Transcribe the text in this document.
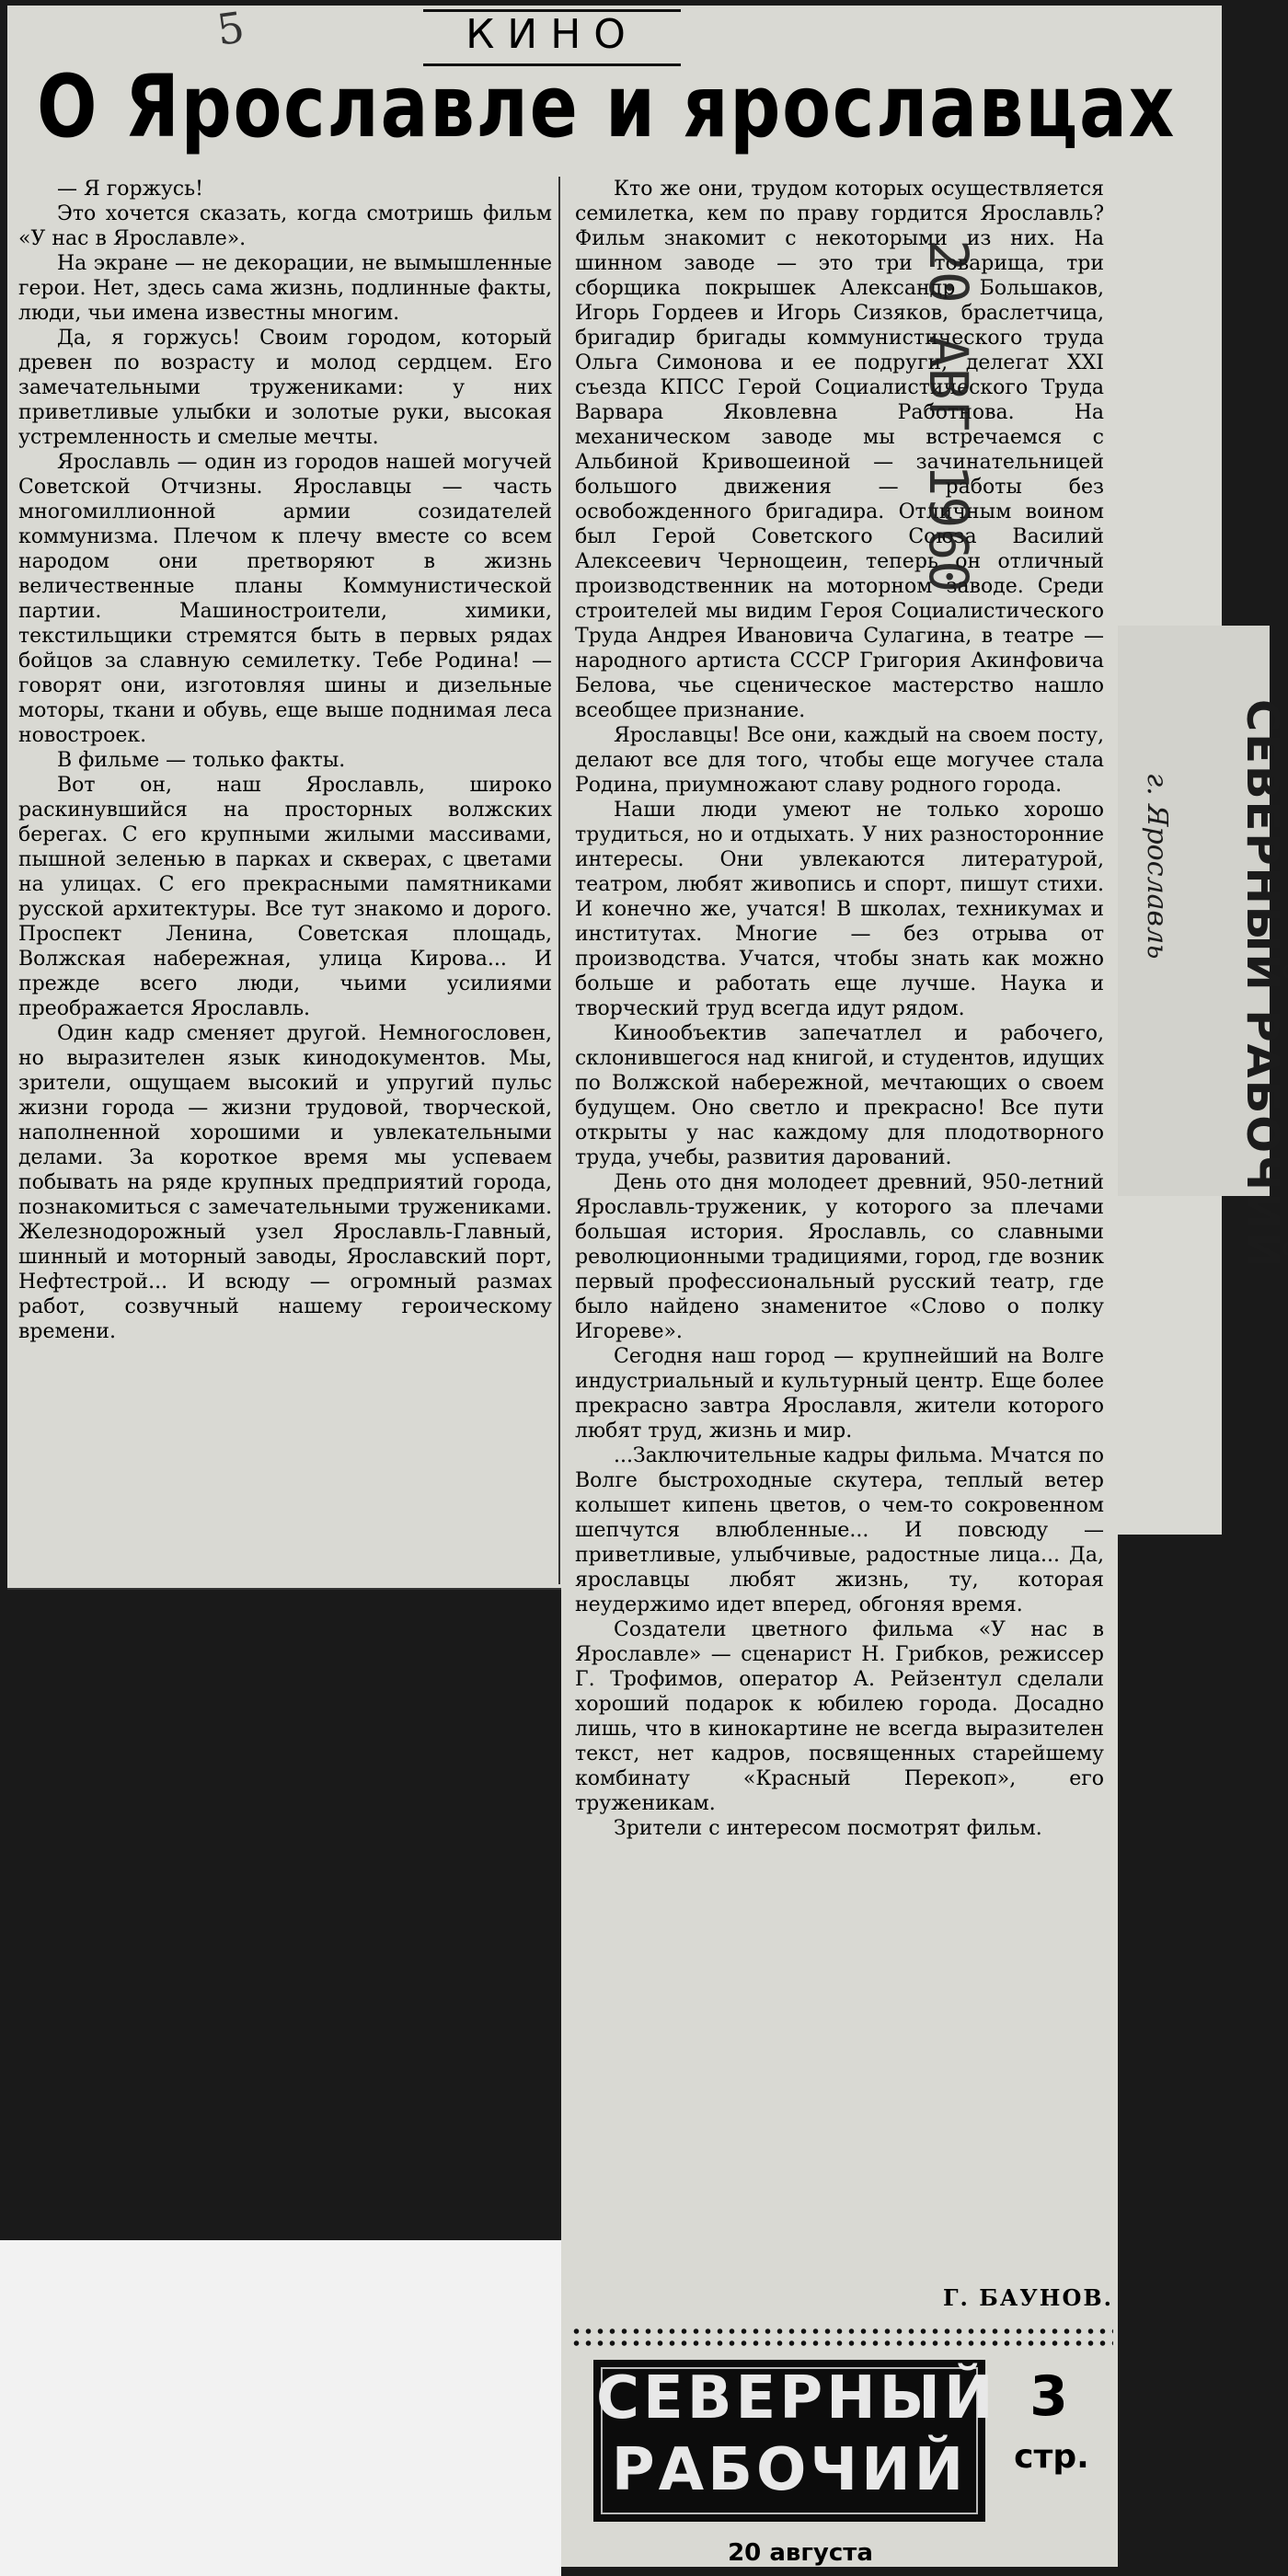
5	КИНО
О Ярославле и ярославцах

— Я горжусь!

Это хочется сказать, когда смотришь фильм «У нас в Ярославле».

На экране — не декорации, не вымышленные герои. Нет, здесь сама жизнь, подлинные факты, люди, чьи имена известны многим.

Да, я горжусь! Своим городом, который древен по возрасту и молод сердцем. Его замечательными тружениками: у них приветливые улыбки и золотые руки, высокая устремленность и смелые мечты.

Ярославль — один из городов нашей могучей Советской Отчизны. Ярославцы — часть многомиллионной армии созидателей коммунизма. Плечом к плечу вместе со всем народом они претворяют в жизнь величественные планы Коммунистической партии. Машиностроители, химики, текстильщики стремятся быть в первых рядах бойцов за славную семилетку. Тебе Родина! — говорят они, изготовляя шины и дизельные моторы, ткани и обувь, еще выше поднимая леса новостроек.

В фильме — только факты.

Вот он, наш Ярославль, широко раскинувшийся на просторных волжских берегах. С его крупными жилыми массивами, пышной зеленью в парках и скверах, с цветами на улицах. С его прекрасными памятниками русской архитектуры. Все тут знакомо и дорого. Проспект Ленина, Советская площадь, Волжская набережная, улица Кирова... И прежде всего люди, чьими усилиями преображается Ярославль.

Один кадр сменяет другой. Немногословен, но выразителен язык кинодокументов. Мы, зрители, ощущаем высокий и упругий пульс жизни города — жизни трудовой, творческой, наполненной хорошими и увлекательными делами. За короткое время мы успеваем побывать на ряде крупных предприятий города, познакомиться с замечательными тружениками. Железнодорожный узел Ярославль-Главный, шинный и моторный заводы, Ярославский порт, Нефтестрой... И всюду — огромный размах работ, созвучный нашему героическому времени.

Кто же они, трудом которых осуществляется семилетка, кем по праву гордится Ярославль? Фильм знакомит с некоторыми из них. На шинном заводе — это три товарища, три сборщика покрышек Александр Большаков, Игорь Гордеев и Игорь Сизяков, браслетчица, бригадир бригады коммунистического труда Ольга Симонова и ее подруги, делегат XXI съезда КПСС Герой Социалистического Труда Варвара Яковлевна Работнова. На механическом заводе мы встречаемся с Альбиной Кривошеиной — зачинательницей большого движения — работы без освобожденного бригадира. Отличным воином был Герой Советского Союза Василий Алексеевич Чернощеин, теперь он отличный производственник на моторном заводе. Среди строителей мы видим Героя Социалистического Труда Андрея Ивановича Сулагина, в театре — народного артиста СССР Григория Акинфовича Белова, чье сценическое мастерство нашло всеобщее признание.

Ярославцы! Все они, каждый на своем посту, делают все для того, чтобы еще могучее стала Родина, приумножают славу родного города.

Наши люди умеют не только хорошо трудиться, но и отдыхать. У них разносторонние интересы. Они увлекаются литературой, театром, любят живопись и спорт, пишут стихи. И конечно же, учатся! В школах, техникумах и институтах. Многие — без отрыва от производства. Учатся, чтобы знать как можно больше и работать еще лучше. Наука и творческий труд всегда идут рядом.

Кинообъектив запечатлел и рабочего, склонившегося над книгой, и студентов, идущих по Волжской набережной, мечтающих о своем будущем. Оно светло и прекрасно! Все пути открыты у нас каждому для плодотворного труда, учебы, развития дарований.

День ото дня молодеет древний, 950-летний Ярославль-труженик, у которого за плечами большая история. Ярославль, со славными революционными традициями, город, где возник первый профессиональный русский театр, где было найдено знаменитое «Слово о полку Игореве».

Сегодня наш город — крупнейший на Волге индустриальный и культурный центр. Еще более прекрасно завтра Ярославля, жители которого любят труд, жизнь и мир.

...Заключительные кадры фильма. Мчатся по Волге быстроходные скутера, теплый ветер колышет кипень цветов, о чем-то сокровенном шепчутся влюбленные... И повсюду — приветливые, улыбчивые, радостные лица... Да, ярославцы любят жизнь, ту, которая неудержимо идет вперед, обгоняя время.

Создатели цветного фильма «У нас в Ярославле» — сценарист Н. Грибков, режиссер Г. Трофимов, оператор А. Рейзентул сделали хороший подарок к юбилею города. Досадно лишь, что в кинокартине не всегда выразителен текст, нет кадров, посвященных старейшему комбинату «Красный Перекоп», его труженикам.

Зрители с интересом посмотрят фильм.

Г. БАУНОВ.
СЕВЕРНЫЙ
РАБОЧИЙ
3
стр.
20 августа
20 АВГ 1960
СЕВЕРНЫЙ РАБОЧИЙ
г. Ярославль
